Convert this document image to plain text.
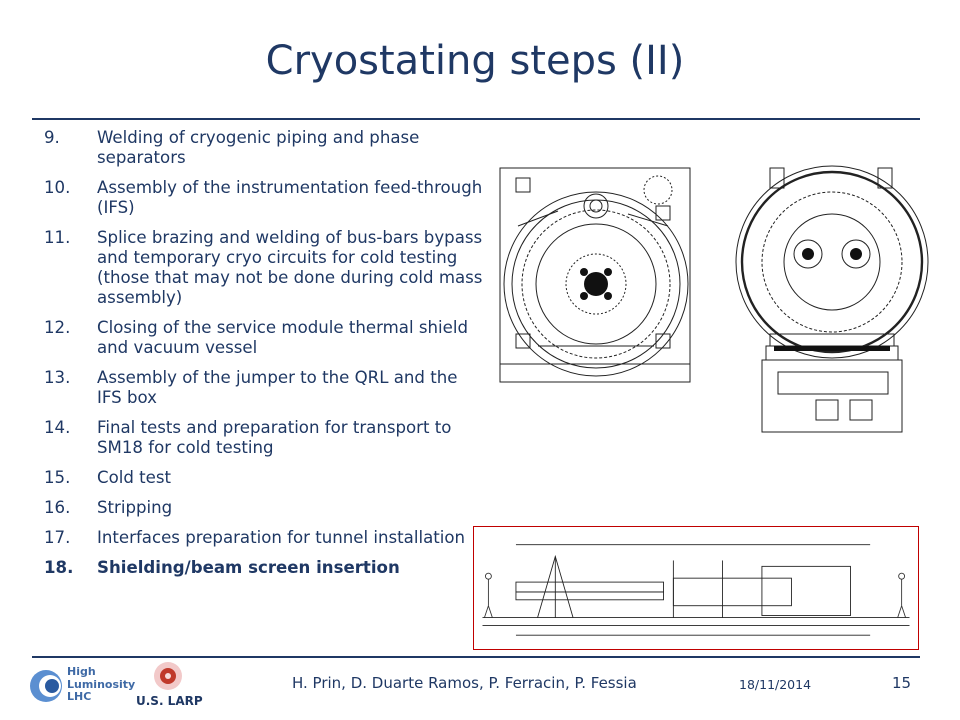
Cryostating steps (II)
9.	Welding of cryogenic piping and phase separators
10.	Assembly of the instrumentation feed-through (IFS)
11.	Splice brazing and welding of bus-bars bypass and temporary cryo circuits for cold testing (those that may not be done during cold mass assembly)
12.	Closing of the service module thermal shield and vacuum vessel
13.	Assembly of the jumper to the QRL and the IFS box
14.	Final tests and preparation for transport to SM18 for cold testing
15.	Cold test
16.	Stripping
17.	Interfaces preparation for tunnel installation
18.	Shielding/beam screen insertion
High
Luminosity
LHC	U.S. LARP
H. Prin, D. Duarte Ramos, P. Ferracin, P. Fessia	18/11/2014	15
